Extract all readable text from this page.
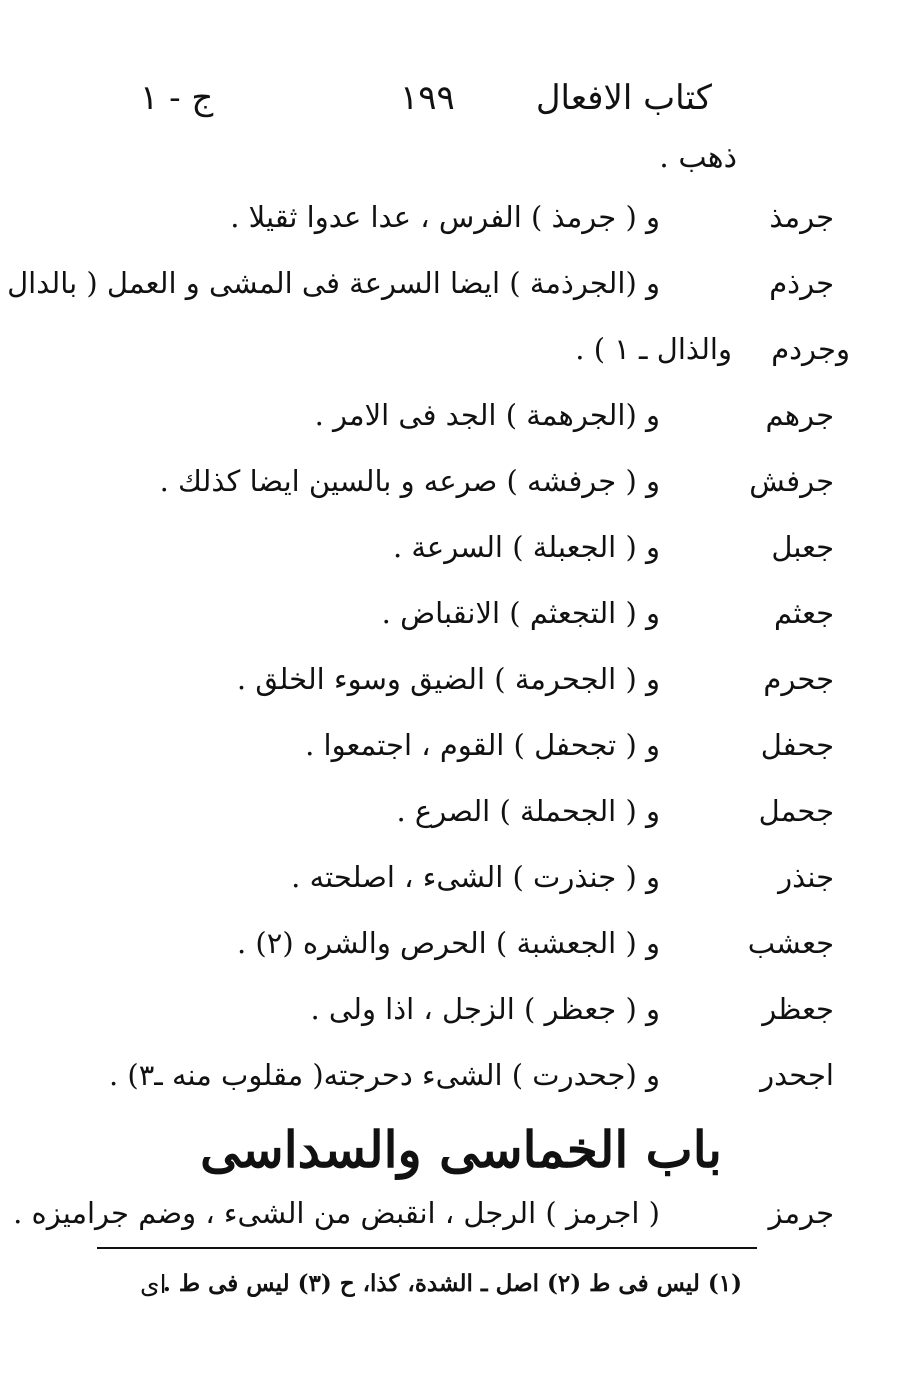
كتاب الافعال
١٩٩
ج - ١
ذهب .
جرمذ
و ( جرمذ ) الفرس ، عدا عدوا ثقيلا .
جرذم
و (الجرذمة ) ايضا السرعة فى المشى و العمل ( بالدال
وجردم
والذال ـ ١ ) .
جرهم
و (الجرهمة ) الجد فى الامر .
جرفش
و ( جرفشه ) صرعه و بالسين ايضا كذلك .
جعبل
و ( الجعبلة ) السرعة .
جعثم
و ( التجعثم ) الانقباض .
جحرم
و ( الجحرمة ) الضيق وسوء الخلق .
جحفل
و ( تجحفل ) القوم ، اجتمعوا .
جحمل
و ( الجحملة ) الصرع .
جنذر
و ( جنذرت ) الشىء ، اصلحته .
جعشب
و ( الجعشبة ) الحرص والشره (٢) .
جعظر
و ( جعظر ) الزجل ، اذا ولى .
اجحدر
و (جحدرت ) الشىء دحرجته( مقلوب منه ـ٣) .
باب الخماسى والسداسى
جرمز
( اجرمز ) الرجل ، انقبض من الشىء ، وضم جراميزه .
(١) ليس فى ط (٢) اصل ـ الشدة، كذا، ح (٣) ليس فى ط .
اى
